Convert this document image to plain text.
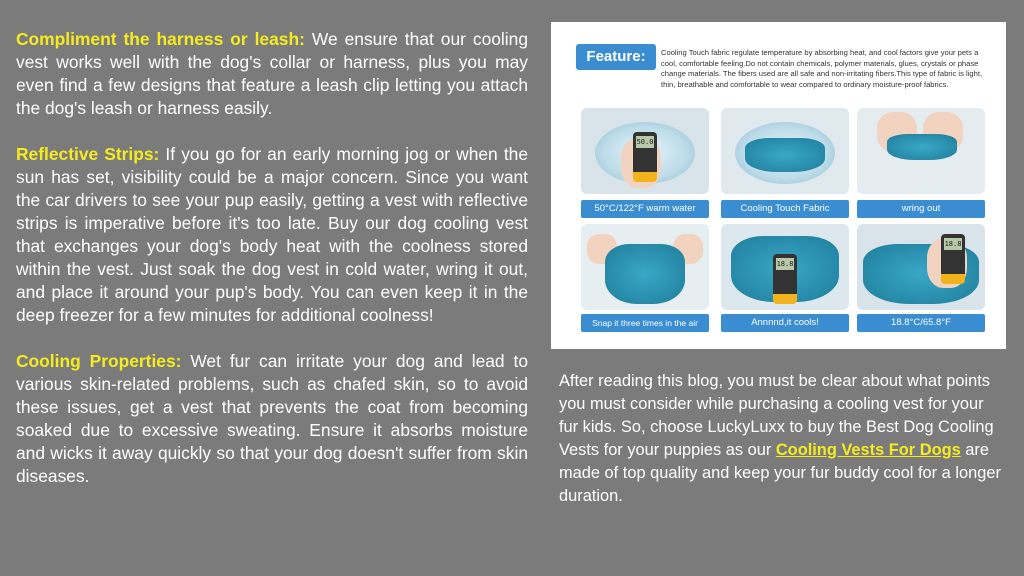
Compliment the harness or leash: We ensure that our cooling vest works well with the dog's collar or harness, plus you may even find a few designs that feature a leash clip letting you attach the dog's leash or harness easily.

Reflective Strips: If you go for an early morning jog or when the sun has set, visibility could be a major concern. Since you want the car drivers to see your pup easily, getting a vest with reflective strips is imperative before it's too late. Buy our dog cooling vest that exchanges your dog's body heat with the coolness stored within the vest. Just soak the dog vest in cold water, wring it out, and place it around your pup's body. You can even keep it in the deep freezer for a few minutes for additional coolness!

Cooling Properties: Wet fur can irritate your dog and lead to various skin-related problems, such as chafed skin, so to avoid these issues, get a vest that prevents the coat from becoming soaked due to excessive sweating. Ensure it absorbs moisture and wicks it away quickly so that your dog doesn't suffer from skin diseases.

Feature:	Cooling Touch fabric regulate temperature by absorbing heat, and cool factors give your pets a cool, comfortable feeling.Do not contain chemicals, polymer materials, glues, crystals or phase change materials. The fibers used are all safe and non-irritating fibers.This type of fabric is light, thin, breathable and comfortable to wear compared to ordinary moisture-proof fabrics.
50.0
50°C/122°F warm water	Cooling Touch Fabric	wring out
18.8
18.8
Snap it three times in the air	Annnnd,it cools!	18.8°C/65.8°F
After reading this blog, you must be clear about what points you must consider while purchasing a cooling vest for your fur kids. So, choose LuckyLuxx to buy the Best Dog Cooling Vests for your puppies as our Cooling Vests For Dogs are made of top quality and keep your fur buddy cool for a longer duration.
